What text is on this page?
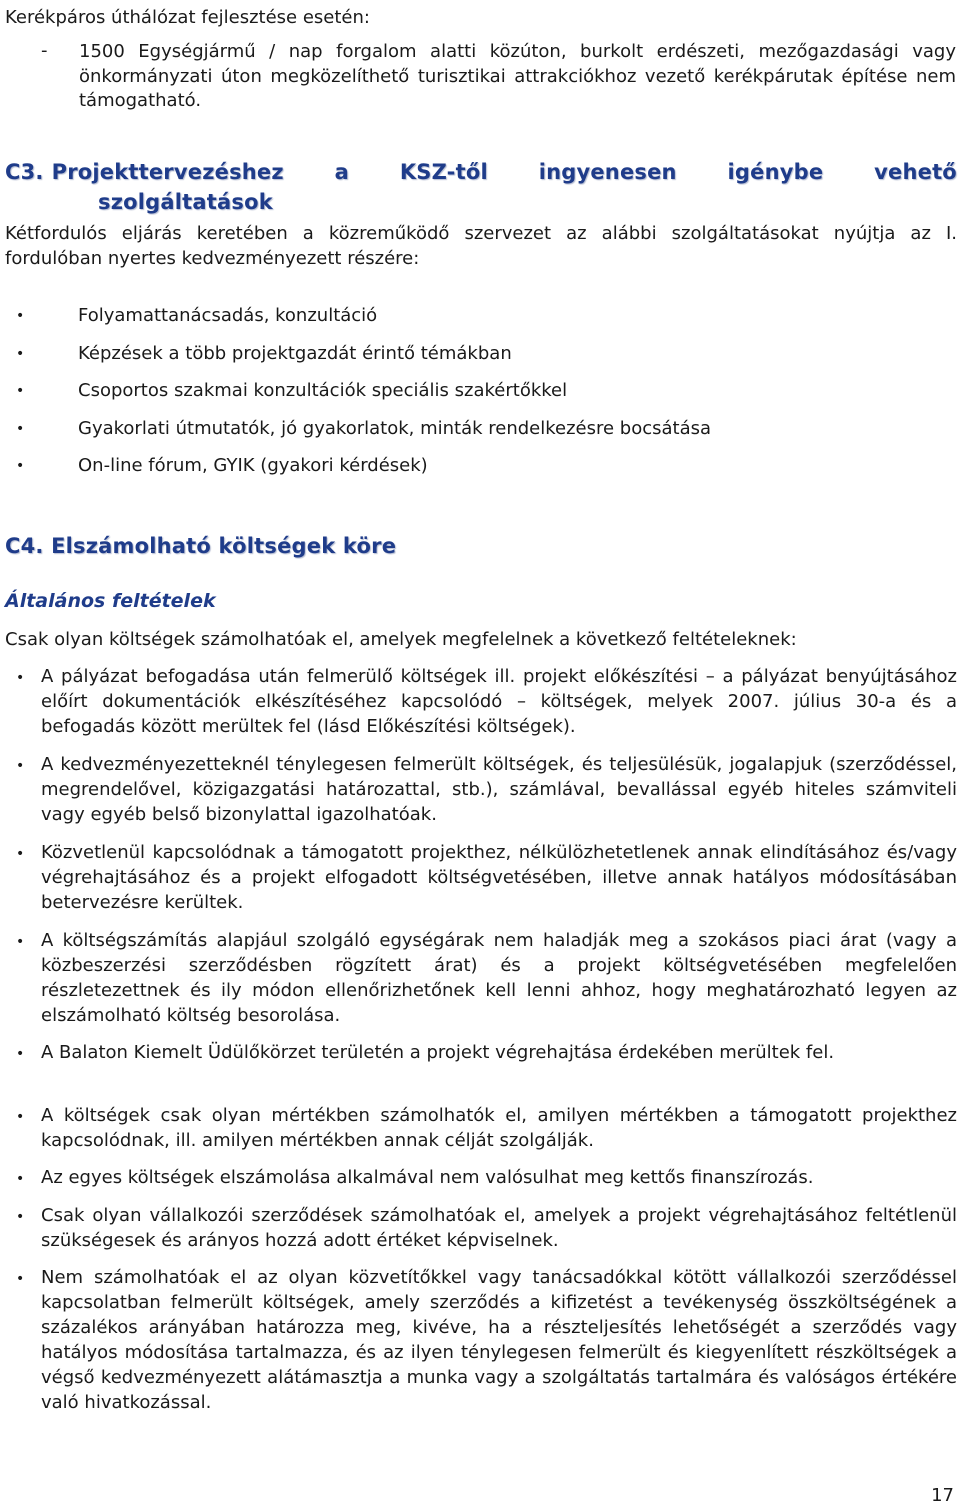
Kerékpáros úthálózat fejlesztése esetén:

- 1500 Egységjármű / nap forgalom alatti közúton, burkolt erdészeti, mezőgazdasági vagy önkormányzati úton megközelíthető turisztikai attrakciókhoz vezető kerékpárutak építése nem támogatható.

C3. Projekttervezéshez a KSZ-től ingyenesen igénybe vehető
szolgáltatások

Kétfordulós eljárás keretében a közreműködő szervezet az alábbi szolgáltatásokat nyújtja az I. fordulóban nyertes kedvezményezett részére:

•	Folyamattanácsadás, konzultáció
•	Képzések a több projektgazdát érintő témákban
•	Csoportos szakmai konzultációk speciális szakértőkkel
•	Gyakorlati útmutatók, jó gyakorlatok, minták rendelkezésre bocsátása
•	On-line fórum, GYIK (gyakori kérdések)
C4. Elszámolható költségek köre
Általános feltételek

Csak olyan költségek számolhatóak el, amelyek megfelelnek a következő feltételeknek:

• A pályázat befogadása után felmerülő költségek ill. projekt előkészítési – a pályázat benyújtásához előírt dokumentációk elkészítéséhez kapcsolódó – költségek, melyek 2007. július 30-a és a befogadás között merültek fel (lásd Előkészítési költségek).

• A kedvezményezetteknél ténylegesen felmerült költségek, és teljesülésük, jogalapjuk (szerződéssel, megrendelővel, közigazgatási határozattal, stb.), számlával, bevallással egyéb hiteles számviteli vagy egyéb belső bizonylattal igazolhatóak.

• Közvetlenül kapcsolódnak a támogatott projekthez, nélkülözhetetlenek annak elindításához és/vagy végrehajtásához és a projekt elfogadott költségvetésében, illetve annak hatályos módosításában betervezésre kerültek.

• A költségszámítás alapjául szolgáló egységárak nem haladják meg a szokásos piaci árat (vagy a közbeszerzési szerződésben rögzített árat) és a projekt költségvetésében megfelelően részletezettnek és ily módon ellenőrizhetőnek kell lenni ahhoz, hogy meghatározható legyen az elszámolható költség besorolása.

• A Balaton Kiemelt Üdülőkörzet területén a projekt végrehajtása érdekében merültek fel.

• A költségek csak olyan mértékben számolhatók el, amilyen mértékben a támogatott projekthez kapcsolódnak, ill. amilyen mértékben annak célját szolgálják.

• Az egyes költségek elszámolása alkalmával nem valósulhat meg kettős finanszírozás.

• Csak olyan vállalkozói szerződések számolhatóak el, amelyek a projekt végrehajtásához feltétlenül szükségesek és arányos hozzá adott értéket képviselnek.

• Nem számolhatóak el az olyan közvetítőkkel vagy tanácsadókkal kötött vállalkozói szerződéssel kapcsolatban felmerült költségek, amely szerződés a kifizetést a tevékenység összköltségének a százalékos arányában határozza meg, kivéve, ha a részteljesítés lehetőségét a szerződés vagy hatályos módosítása tartalmazza, és az ilyen ténylegesen felmerült és kiegyenlített részköltségek a végső kedvezményezett alátámasztja a munka vagy a szolgáltatás tartalmára és valóságos értékére való hivatkozással.

17
